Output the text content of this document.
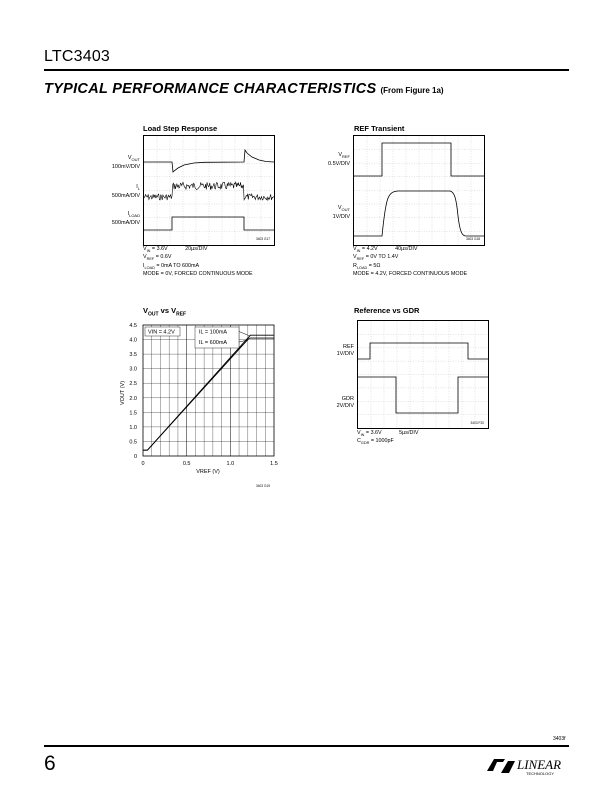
LTC3403
TYPICAL PERFORMANCE CHARACTERISTICS (From Figure 1a)
Load Step Response
$V_{OUT}$
100mV/DIV
$I_L$
500mA/DIV
$I_{LOAD}$
500mA/DIV
3403 G17
$V_{IN} = 3.6V$	20µs/DIV
$V_{REF} = 0.6V$
$I_{LOAD} = 0mA$ TO 600mA
MODE = 0V, FORCED CONTINUOUS MODE
REF Transient
$V_{REF}$
0.5V/DIV
$V_{OUT}$
1V/DIV
3403 G18
$V_{IN} = 4.2V$	40µs/DIV
$V_{REF} = 0V$ TO 1.4V
$R_{LOAD} = 5\Omega$
MODE = 4.2V, FORCED CONTINUOUS MODE
$V_{OUT}$ vs $V_{REF}$
0
0.5
1.0
1.5
2.0
2.5
3.0
3.5
4.0
4.5
0	0.5	1.0	1.5
VIN = 4.2V	IL = 100mA
IL = 600mA
VREF (V)
VOUT (V)
3403 G19
Reference vs GDR
REF
1V/DIV
GDR
2V/DIV
3403 F20
$V_{IN} = 3.6V$	5µs/DIV
$C_{GDR} = 1000pF$
3403f
6	LINEAR
TECHNOLOGY
